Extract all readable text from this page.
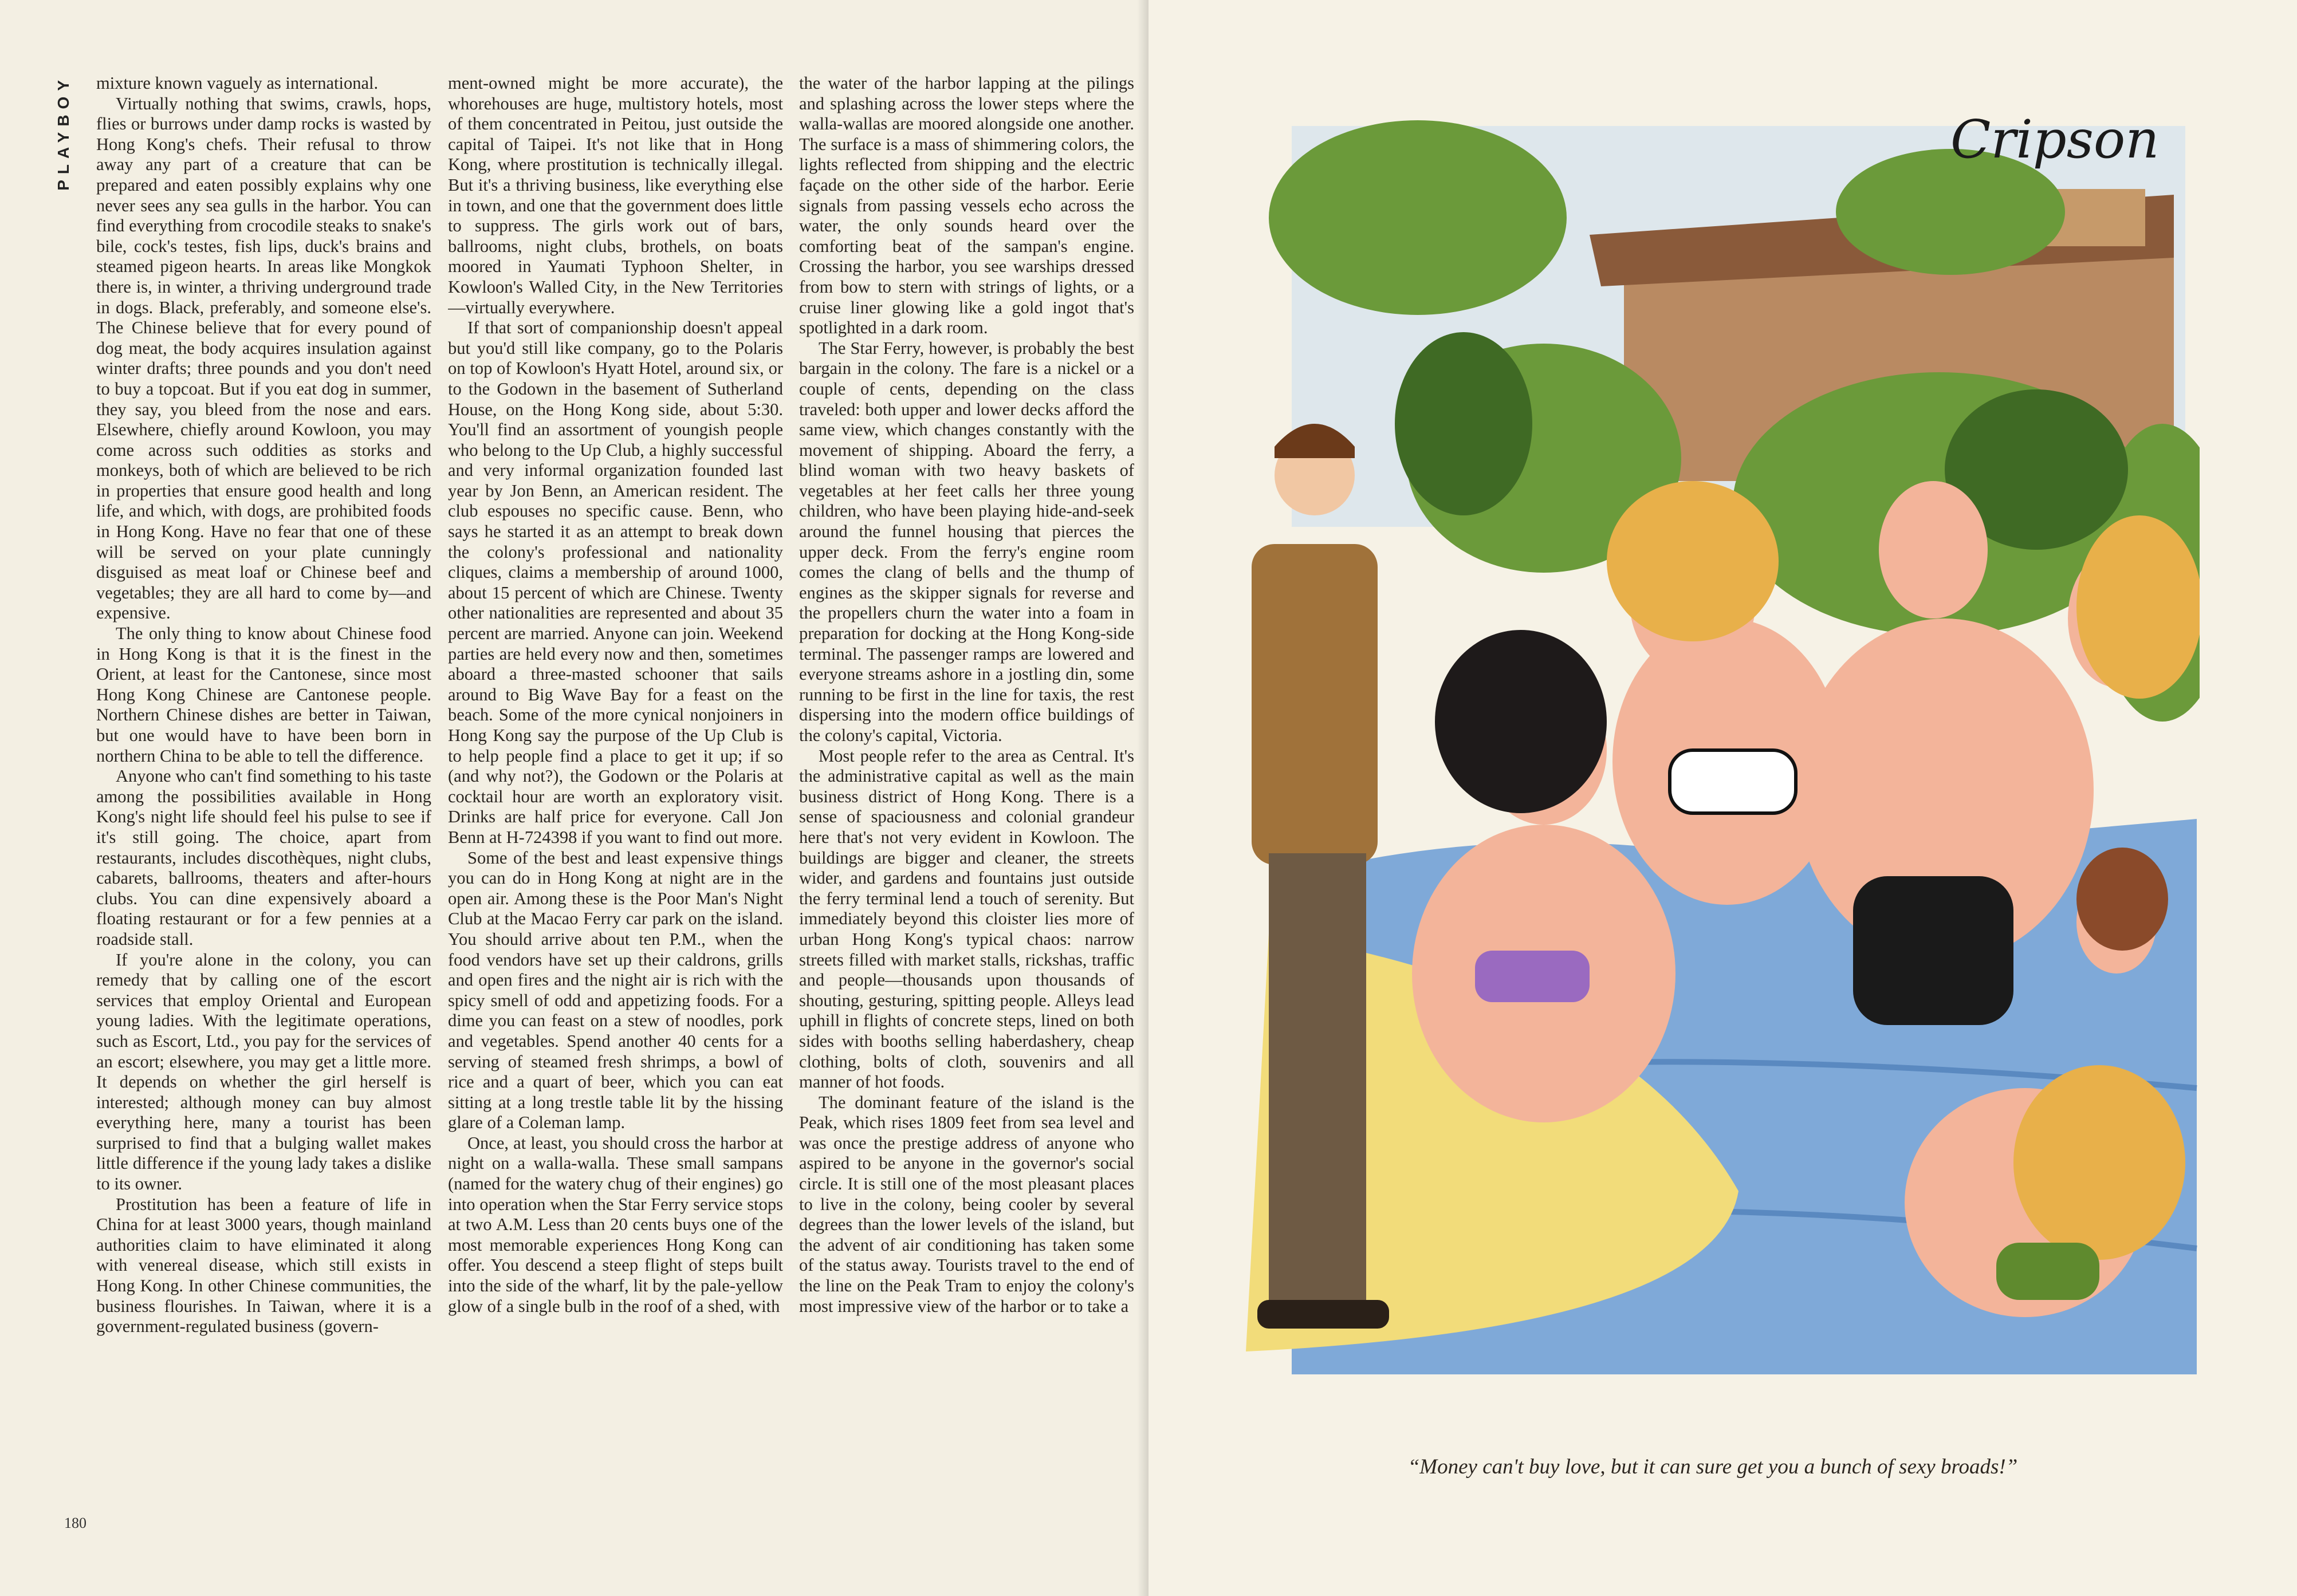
PLAYBOY mixture known vaguely as international.

Virtually nothing that swims, crawls, hops, flies or burrows under damp rocks is wasted by Hong Kong's chefs. Their refusal to throw away any part of a creature that can be prepared and eaten possibly explains why one never sees any sea gulls in the harbor. You can find everything from crocodile steaks to snake's bile, cock's testes, fish lips, duck's brains and steamed pigeon hearts. In areas like Mongkok there is, in winter, a thriving underground trade in dogs. Black, preferably, and someone else's. The Chinese believe that for every pound of dog meat, the body acquires insulation against winter drafts; three pounds and you don't need to buy a topcoat. But if you eat dog in summer, they say, you bleed from the nose and ears. Elsewhere, chiefly around Kowloon, you may come across such oddities as storks and monkeys, both of which are believed to be rich in properties that ensure good health and long life, and which, with dogs, are prohibited foods in Hong Kong. Have no fear that one of these will be served on your plate cunningly disguised as meat loaf or Chinese beef and vegetables; they are all hard to come by—and expensive.

The only thing to know about Chinese food in Hong Kong is that it is the finest in the Orient, at least for the Cantonese, since most Hong Kong Chinese are Cantonese people. Northern Chinese dishes are better in Taiwan, but one would have to have been born in northern China to be able to tell the difference.

Anyone who can't find something to his taste among the possibilities available in Hong Kong's night life should feel his pulse to see if it's still going. The choice, apart from restaurants, includes discothèques, night clubs, cabarets, ballrooms, theaters and after-hours clubs. You can dine expensively aboard a floating restaurant or for a few pennies at a roadside stall.

If you're alone in the colony, you can remedy that by calling one of the escort services that employ Oriental and European young ladies. With the legitimate operations, such as Escort, Ltd., you pay for the services of an escort; elsewhere, you may get a little more. It depends on whether the girl herself is interested; although money can buy almost everything here, many a tourist has been surprised to find that a bulging wallet makes little difference if the young lady takes a dislike to its owner.

Prostitution has been a feature of life in China for at least 3000 years, though mainland authorities claim to have eliminated it along with venereal disease, which still exists in Hong Kong. In other Chinese communities, the business flourishes. In Taiwan, where it is a government-regulated business (govern-

ment-owned might be more accurate), the whorehouses are huge, multistory hotels, most of them concentrated in Peitou, just outside the capital of Taipei. It's not like that in Hong Kong, where prostitution is technically illegal. But it's a thriving business, like everything else in town, and one that the government does little to suppress. The girls work out of bars, ballrooms, night clubs, brothels, on boats moored in Yaumati Typhoon Shelter, in Kowloon's Walled City, in the New Territories—virtually everywhere.

If that sort of companionship doesn't appeal but you'd still like company, go to the Polaris on top of Kowloon's Hyatt Hotel, around six, or to the Godown in the basement of Sutherland House, on the Hong Kong side, about 5:30. You'll find an assortment of youngish people who belong to the Up Club, a highly successful and very informal organization founded last year by Jon Benn, an American resident. The club espouses no specific cause. Benn, who says he started it as an attempt to break down the colony's professional and nationality cliques, claims a membership of around 1000, about 15 percent of which are Chinese. Twenty other nationalities are represented and about 35 percent are married. Anyone can join. Weekend parties are held every now and then, sometimes aboard a three-masted schooner that sails around to Big Wave Bay for a feast on the beach. Some of the more cynical nonjoiners in Hong Kong say the purpose of the Up Club is to help people find a place to get it up; if so (and why not?), the Godown or the Polaris at cocktail hour are worth an exploratory visit. Drinks are half price for everyone. Call Jon Benn at H-724398 if you want to find out more.

Some of the best and least expensive things you can do in Hong Kong at night are in the open air. Among these is the Poor Man's Night Club at the Macao Ferry car park on the island. You should arrive about ten P.M., when the food vendors have set up their caldrons, grills and open fires and the night air is rich with the spicy smell of odd and appetizing foods. For a dime you can feast on a stew of noodles, pork and vegetables. Spend another 40 cents for a serving of steamed fresh shrimps, a bowl of rice and a quart of beer, which you can eat sitting at a long trestle table lit by the hissing glare of a Coleman lamp.

Once, at least, you should cross the harbor at night on a walla-walla. These small sampans (named for the watery chug of their engines) go into operation when the Star Ferry service stops at two A.M. Less than 20 cents buys one of the most memorable experiences Hong Kong can offer. You descend a steep flight of steps built into the side of the wharf, lit by the pale-yellow glow of a single bulb in the roof of a shed, with

the water of the harbor lapping at the pilings and splashing across the lower steps where the walla-wallas are moored alongside one another. The surface is a mass of shimmering colors, the lights reflected from shipping and the electric façade on the other side of the harbor. Eerie signals from passing vessels echo across the water, the only sounds heard over the comforting beat of the sampan's engine. Crossing the harbor, you see warships dressed from bow to stern with strings of lights, or a cruise liner glowing like a gold ingot that's spotlighted in a dark room.

The Star Ferry, however, is probably the best bargain in the colony. The fare is a nickel or a couple of cents, depending on the class traveled: both upper and lower decks afford the same view, which changes constantly with the movement of shipping. Aboard the ferry, a blind woman with two heavy baskets of vegetables at her feet calls her three young children, who have been playing hide-and-seek around the funnel housing that pierces the upper deck. From the ferry's engine room comes the clang of bells and the thump of engines as the skipper signals for reverse and the propellers churn the water into a foam in preparation for docking at the Hong Kong-side terminal. The passenger ramps are lowered and everyone streams ashore in a jostling din, some running to be first in the line for taxis, the rest dispersing into the modern office buildings of the colony's capital, Victoria.

Most people refer to the area as Central. It's the administrative capital as well as the main business district of Hong Kong. There is a sense of spaciousness and colonial grandeur here that's not very evident in Kowloon. The buildings are bigger and cleaner, the streets wider, and gardens and fountains just outside the ferry terminal lend a touch of serenity. But immediately beyond this cloister lies more of urban Hong Kong's typical chaos: narrow streets filled with market stalls, rickshas, traffic and people—thousands upon thousands of shouting, gesturing, spitting people. Alleys lead uphill in flights of concrete steps, lined on both sides with booths selling haberdashery, cheap clothing, bolts of cloth, souvenirs and all manner of hot foods.

The dominant feature of the island is the Peak, which rises 1809 feet from sea level and was once the prestige address of anyone who aspired to be anyone in the governor's social circle. It is still one of the most pleasant places to live in the colony, being cooler by several degrees than the lower levels of the island, but the advent of air conditioning has taken some of the status away. Tourists travel to the end of the line on the Peak Tram to enjoy the colony's most impressive view of the harbor or to take a

180
Cripson
“Money can't buy love, but it can sure get you a bunch of sexy broads!”
